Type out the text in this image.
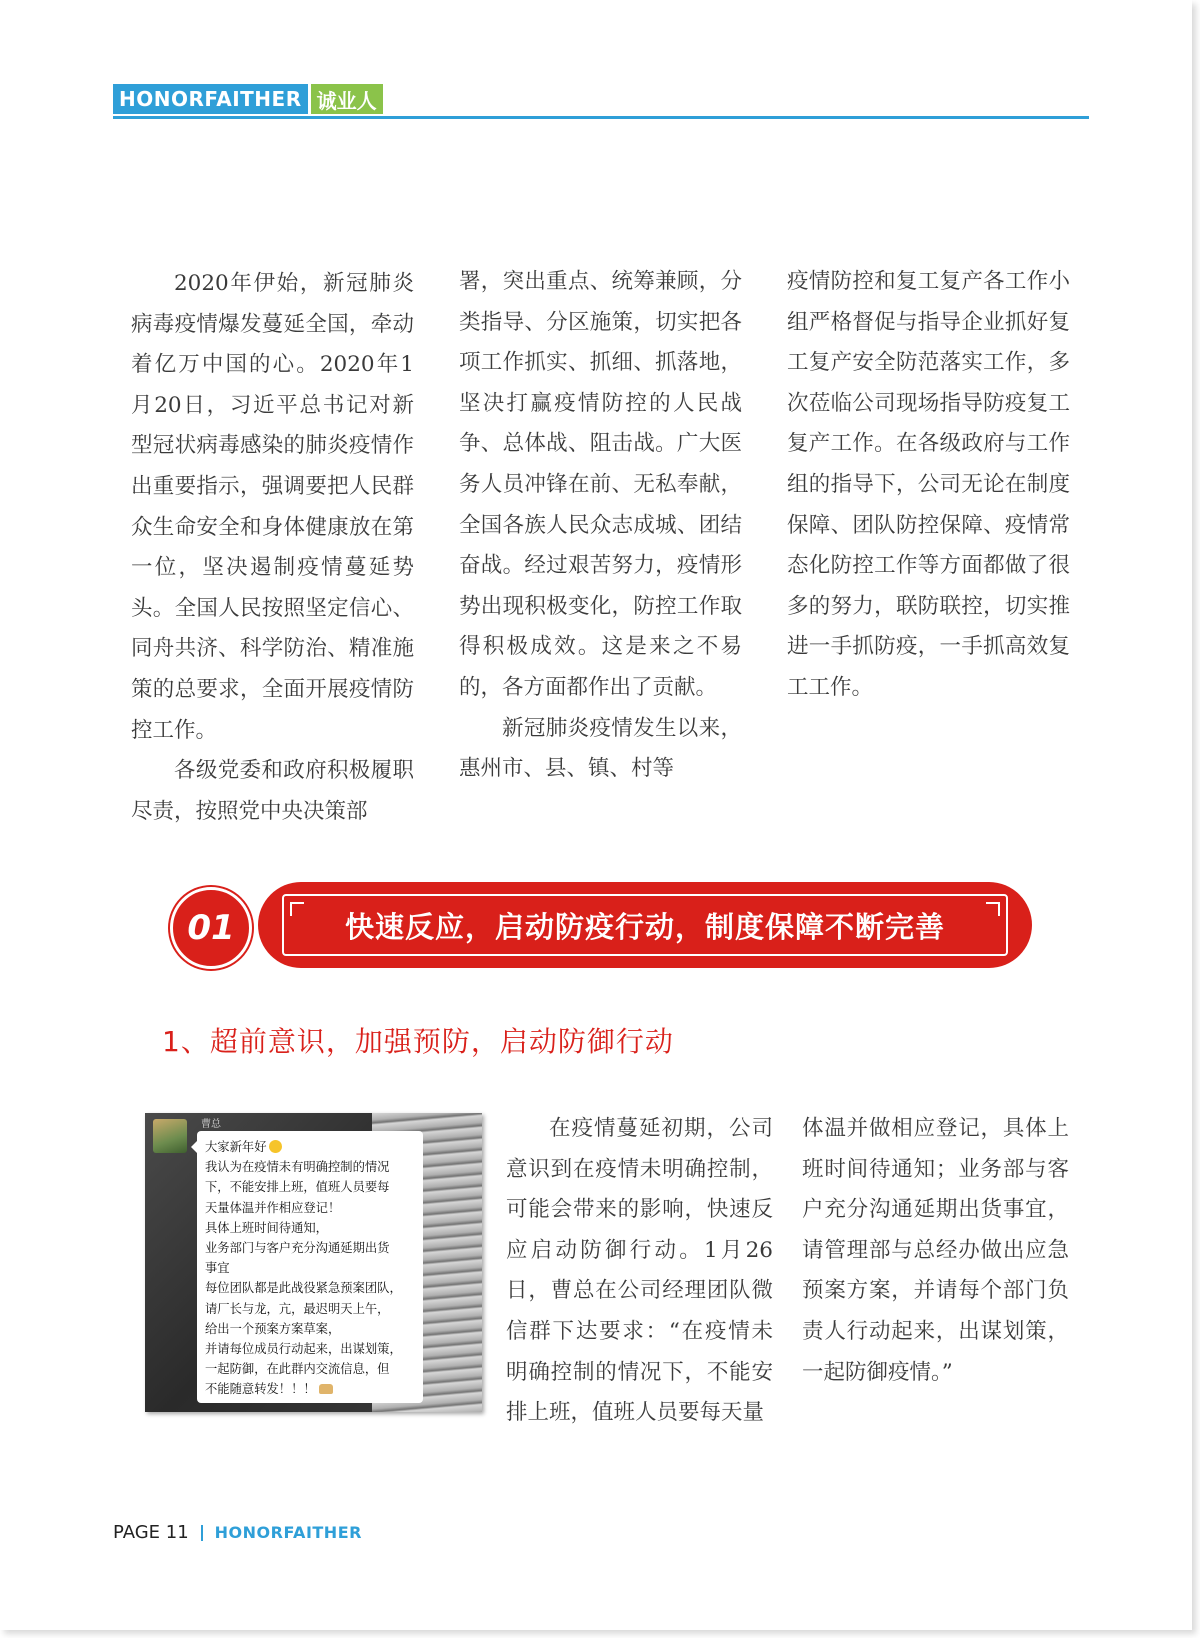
HONORFAITHER 诚业人

2020年伊始，新冠肺炎病毒疫情爆发蔓延全国，牵动着亿万中国的心。2020年1月20日，习近平总书记对新型冠状病毒感染的肺炎疫情作出重要指示，强调要把人民群众生命安全和身体健康放在第一位，坚决遏制疫情蔓延势头。全国人民按照坚定信心、同舟共济、科学防治、精准施策的总要求，全面开展疫情防控工作。

各级党委和政府积极履职尽责，按照党中央决策部

署，突出重点、统筹兼顾，分类指导、分区施策，切实把各项工作抓实、抓细、抓落地，坚决打赢疫情防控的人民战争、总体战、阻击战。广大医务人员冲锋在前、无私奉献，全国各族人民众志成城、团结奋战。经过艰苦努力，疫情形势出现积极变化，防控工作取得积极成效。这是来之不易的，各方面都作出了贡献。

新冠肺炎疫情发生以来，惠州市、县、镇、村等

疫情防控和复工复产各工作小组严格督促与指导企业抓好复工复产安全防范落实工作，多次莅临公司现场指导防疫复工复产工作。在各级政府与工作组的指导下，公司无论在制度保障、团队防控保障、疫情常态化防控工作等方面都做了很多的努力，联防联控，切实推进一手抓防疫，一手抓高效复工工作。

01	快速反应，启动防疫行动，制度保障不断完善
1、超前意识，加强预防，启动防御行动
曹总
大家新年好
我认为在疫情未有明确控制的情况
下，不能安排上班，值班人员要每
天量体温并作相应登记！
具体上班时间待通知，
业务部门与客户充分沟通延期出货
事宜
每位团队都是此战役紧急预案团队，
请厂长与龙，亢，最迟明天上午，
给出一个预案方案草案，
并请每位成员行动起来，出谋划策，
一起防御，在此群内交流信息，但
不能随意转发！！！

在疫情蔓延初期，公司意识到在疫情未明确控制，可能会带来的影响，快速反应启动防御行动。1月26日，曹总在公司经理团队微信群下达要求：“在疫情未明确控制的情况下，不能安排上班，值班人员要每天量

体温并做相应登记，具体上班时间待通知；业务部与客户充分沟通延期出货事宜，请管理部与总经办做出应急预案方案，并请每个部门负责人行动起来，出谋划策，一起防御疫情。”

PAGE 11 HONORFAITHER
